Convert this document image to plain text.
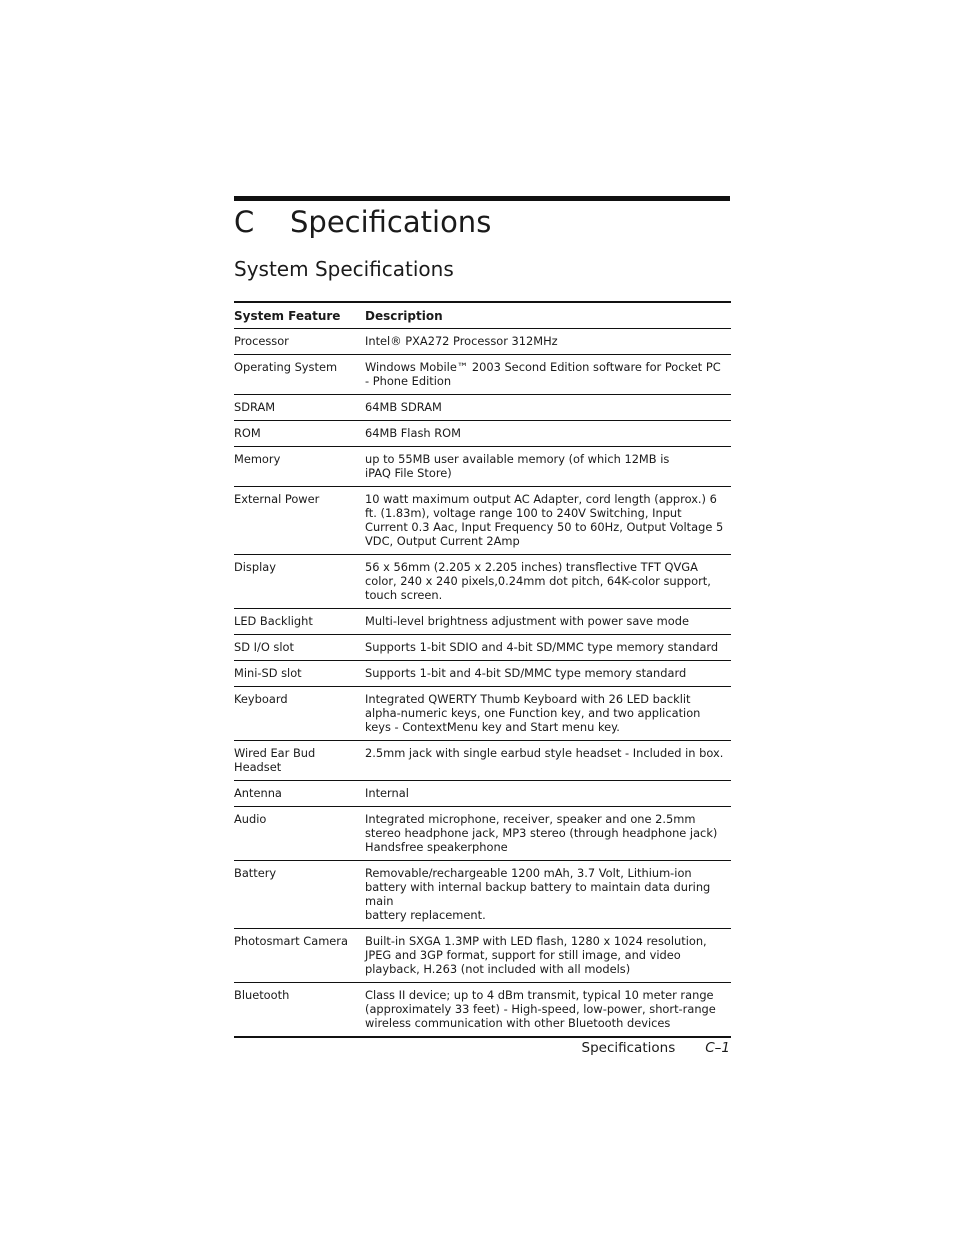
C Specifications
System Specifications
System Feature	Description
Processor	Intel® PXA272 Processor 312MHz
Operating System	Windows Mobile™ 2003 Second Edition software for Pocket PC - Phone Edition
SDRAM	64MB SDRAM
ROM	64MB Flash ROM
Memory	up to 55MB user available memory (of which 12MB is
iPAQ File Store)
External Power	10 watt maximum output AC Adapter, cord length (approx.) 6 ft. (1.83m), voltage range 100 to 240V Switching, Input Current 0.3 Aac, Input Frequency 50 to 60Hz, Output Voltage 5 VDC, Output Current 2Amp
Display	56 x 56mm (2.205 x 2.205 inches) transflective TFT QVGA color, 240 x 240 pixels,0.24mm dot pitch, 64K-color support,
touch screen.
LED Backlight	Multi-level brightness adjustment with power save mode
SD I/O slot	Supports 1-bit SDIO and 4-bit SD/MMC type memory standard
Mini-SD slot	Supports 1-bit and 4-bit SD/MMC type memory standard
Keyboard	Integrated QWERTY Thumb Keyboard with 26 LED backlit alpha-numeric keys, one Function key, and two application keys - ContextMenu key and Start menu key.
Wired Ear Bud Headset	2.5mm jack with single earbud style headset - Included in box.
Antenna	Internal
Audio	Integrated microphone, receiver, speaker and one 2.5mm stereo headphone jack, MP3 stereo (through headphone jack)
Handsfree speakerphone
Battery	Removable/rechargeable 1200 mAh, 3.7 Volt, Lithium-ion battery with internal backup battery to maintain data during main
battery replacement.
Photosmart Camera	Built-in SXGA 1.3MP with LED flash, 1280 x 1024 resolution, JPEG and 3GP format, support for still image, and video playback, H.263 (not included with all models)
Bluetooth	Class II device; up to 4 dBm transmit, typical 10 meter range (approximately 33 feet) - High-speed, low-power, short-range wireless communication with other Bluetooth devices
Specifications C–1
